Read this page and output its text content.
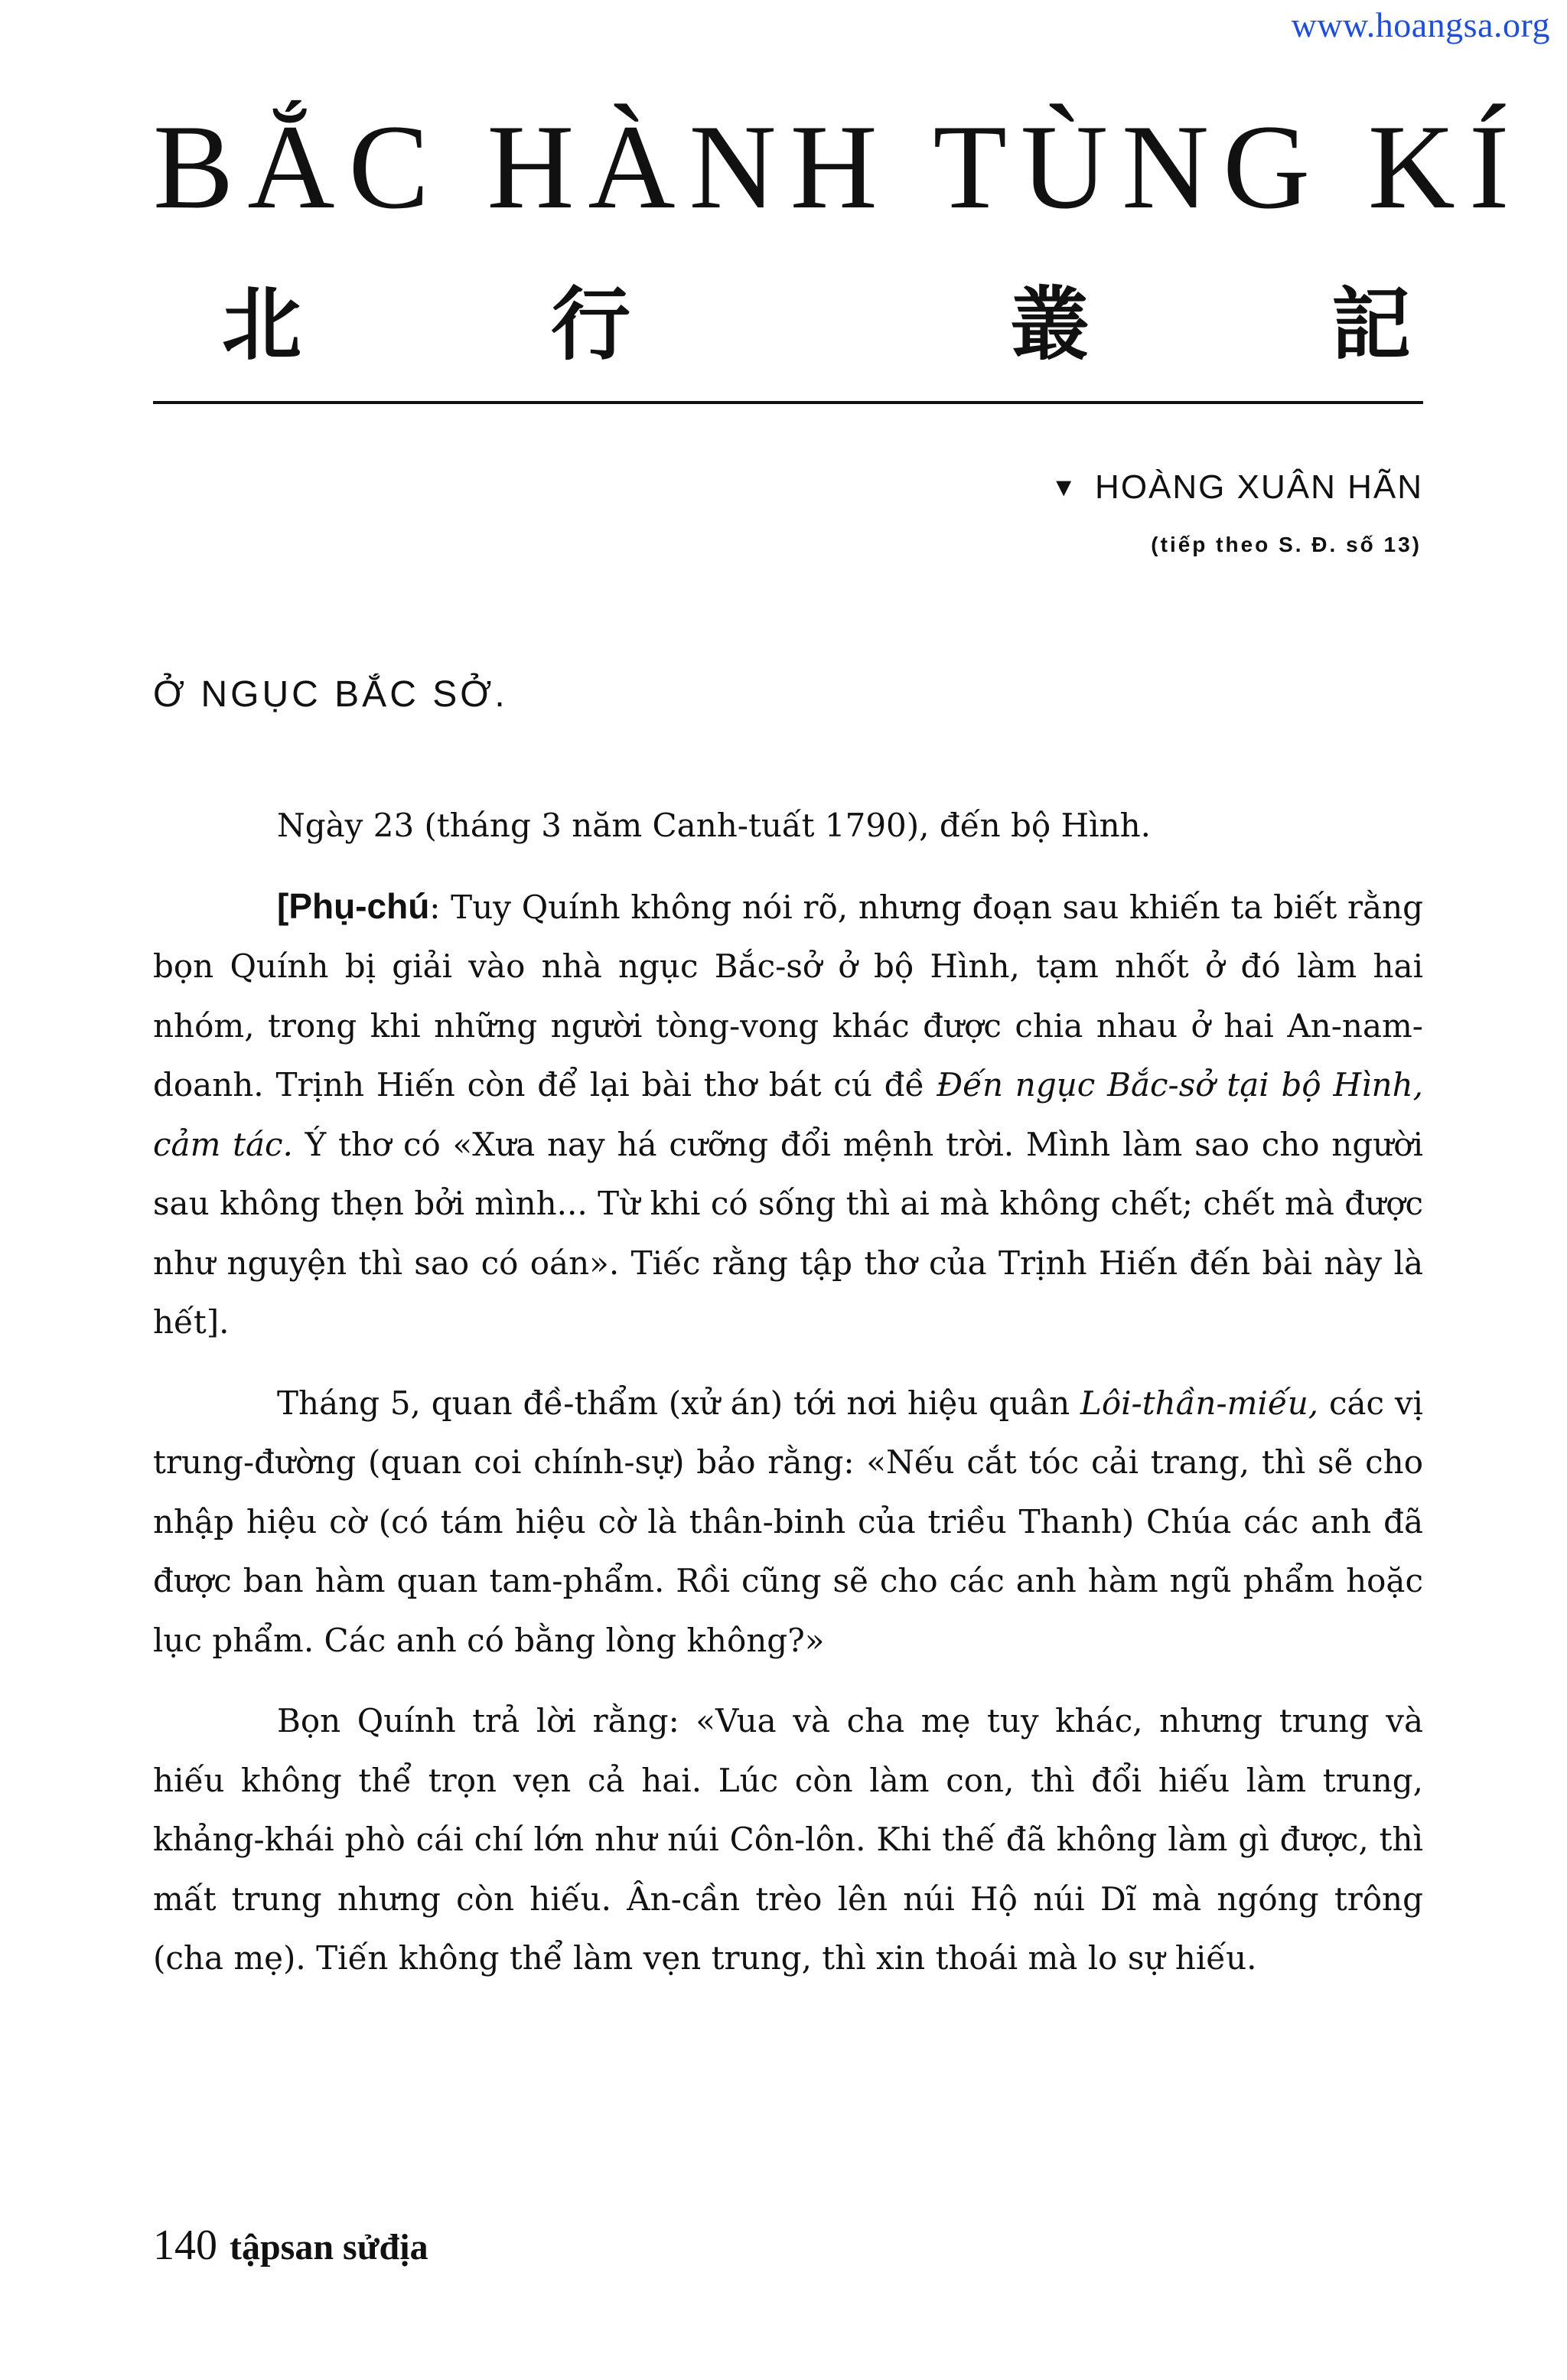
www.hoangsa.org
BẮC HÀNH TÙNG KÍ
北	行	叢	記
▼ HOÀNG XUÂN HÃN
(tiếp theo S. Đ. số 13)
Ở NGỤC BẮC SỞ.

Ngày 23 (tháng 3 năm Canh-tuất 1790), đến bộ Hình.

[Phụ-chú: Tuy Quính không nói rõ, nhưng đoạn sau khiến ta biết rằng bọn Quính bị giải vào nhà ngục Bắc-sở ở bộ Hình, tạm nhốt ở đó làm hai nhóm, trong khi những người tòng-vong khác được chia nhau ở hai An-nam-doanh. Trịnh Hiến còn để lại bài thơ bát cú đề Đến ngục Bắc-sở tại bộ Hình, cảm tác. Ý thơ có «Xưa nay há cưỡng đổi mệnh trời. Mình làm sao cho người sau không thẹn bởi mình... Từ khi có sống thì ai mà không chết; chết mà được như nguyện thì sao có oán». Tiếc rằng tập thơ của Trịnh Hiến đến bài này là hết].

Tháng 5, quan đề-thẩm (xử án) tới nơi hiệu quân Lôi-thần-miếu, các vị trung-đường (quan coi chính-sự) bảo rằng: «Nếu cắt tóc cải trang, thì sẽ cho nhập hiệu cờ (có tám hiệu cờ là thân-binh của triều Thanh) Chúa các anh đã được ban hàm quan tam-phẩm. Rồi cũng sẽ cho các anh hàm ngũ phẩm hoặc lục phẩm. Các anh có bằng lòng không?»

Bọn Quính trả lời rằng: «Vua và cha mẹ tuy khác, nhưng trung và hiếu không thể trọn vẹn cả hai. Lúc còn làm con, thì đổi hiếu làm trung, khảng-khái phò cái chí lớn như núi Côn-lôn. Khi thế đã không làm gì được, thì mất trung nhưng còn hiếu. Ân-cần trèo lên núi Hộ núi Dĩ mà ngóng trông (cha mẹ). Tiến không thể làm vẹn trung, thì xin thoái mà lo sự hiếu.

140 tậpsan sửđịa
